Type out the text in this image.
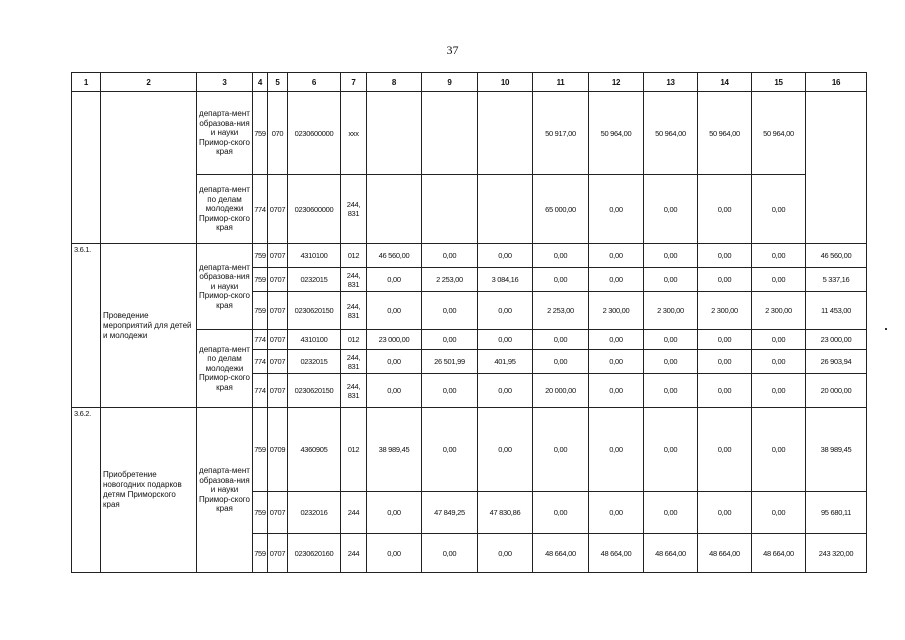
37
1	2	3	4	5	6	7	8	9	10	11	12	13	14	15	16
		департа-мент образова-ния и науки Примор-ского края	759	070	0230600000	xxx				50 917,00	50 964,00	50 964,00	50 964,00	50 964,00	
		департа-мент по делам молодежи Примор-ского края	774	0707	0230600000	244, 831				65 000,00	0,00	0,00	0,00	0,00	
3.6.1.	Проведение мероприятий для детей и молодежи	департа-мент образова-ния и науки Примор-ского края	759	0707	4310100	012	46 560,00	0,00	0,00	0,00	0,00	0,00	0,00	0,00	46 560,00
			759	0707	0232015	244, 831	0,00	2 253,00	3 084,16	0,00	0,00	0,00	0,00	0,00	5 337,16
			759	0707	0230620150	244, 831	0,00	0,00	0,00	2 253,00	2 300,00	2 300,00	2 300,00	2 300,00	11 453,00
		департа-мент по делам молодежи Примор-ского края	774	0707	4310100	012	23 000,00	0,00	0,00	0,00	0,00	0,00	0,00	0,00	23 000,00
			774	0707	0232015	244, 831	0,00	26 501,99	401,95	0,00	0,00	0,00	0,00	0,00	26 903,94
			774	0707	0230620150	244, 831	0,00	0,00	0,00	20 000,00	0,00	0,00	0,00	0,00	20 000,00
3.6.2.	Приобретение новогодних подарков детям Приморского края	департа-мент образова-ния и науки Примор-ского края	759	0709	4360905	012	38 989,45	0,00	0,00	0,00	0,00	0,00	0,00	0,00	38 989,45
			759	0707	0232016	244	0,00	47 849,25	47 830,86	0,00	0,00	0,00	0,00	0,00	95 680,11
			759	0707	0230620160	244	0,00	0,00	0,00	48 664,00	48 664,00	48 664,00	48 664,00	48 664,00	243 320,00
